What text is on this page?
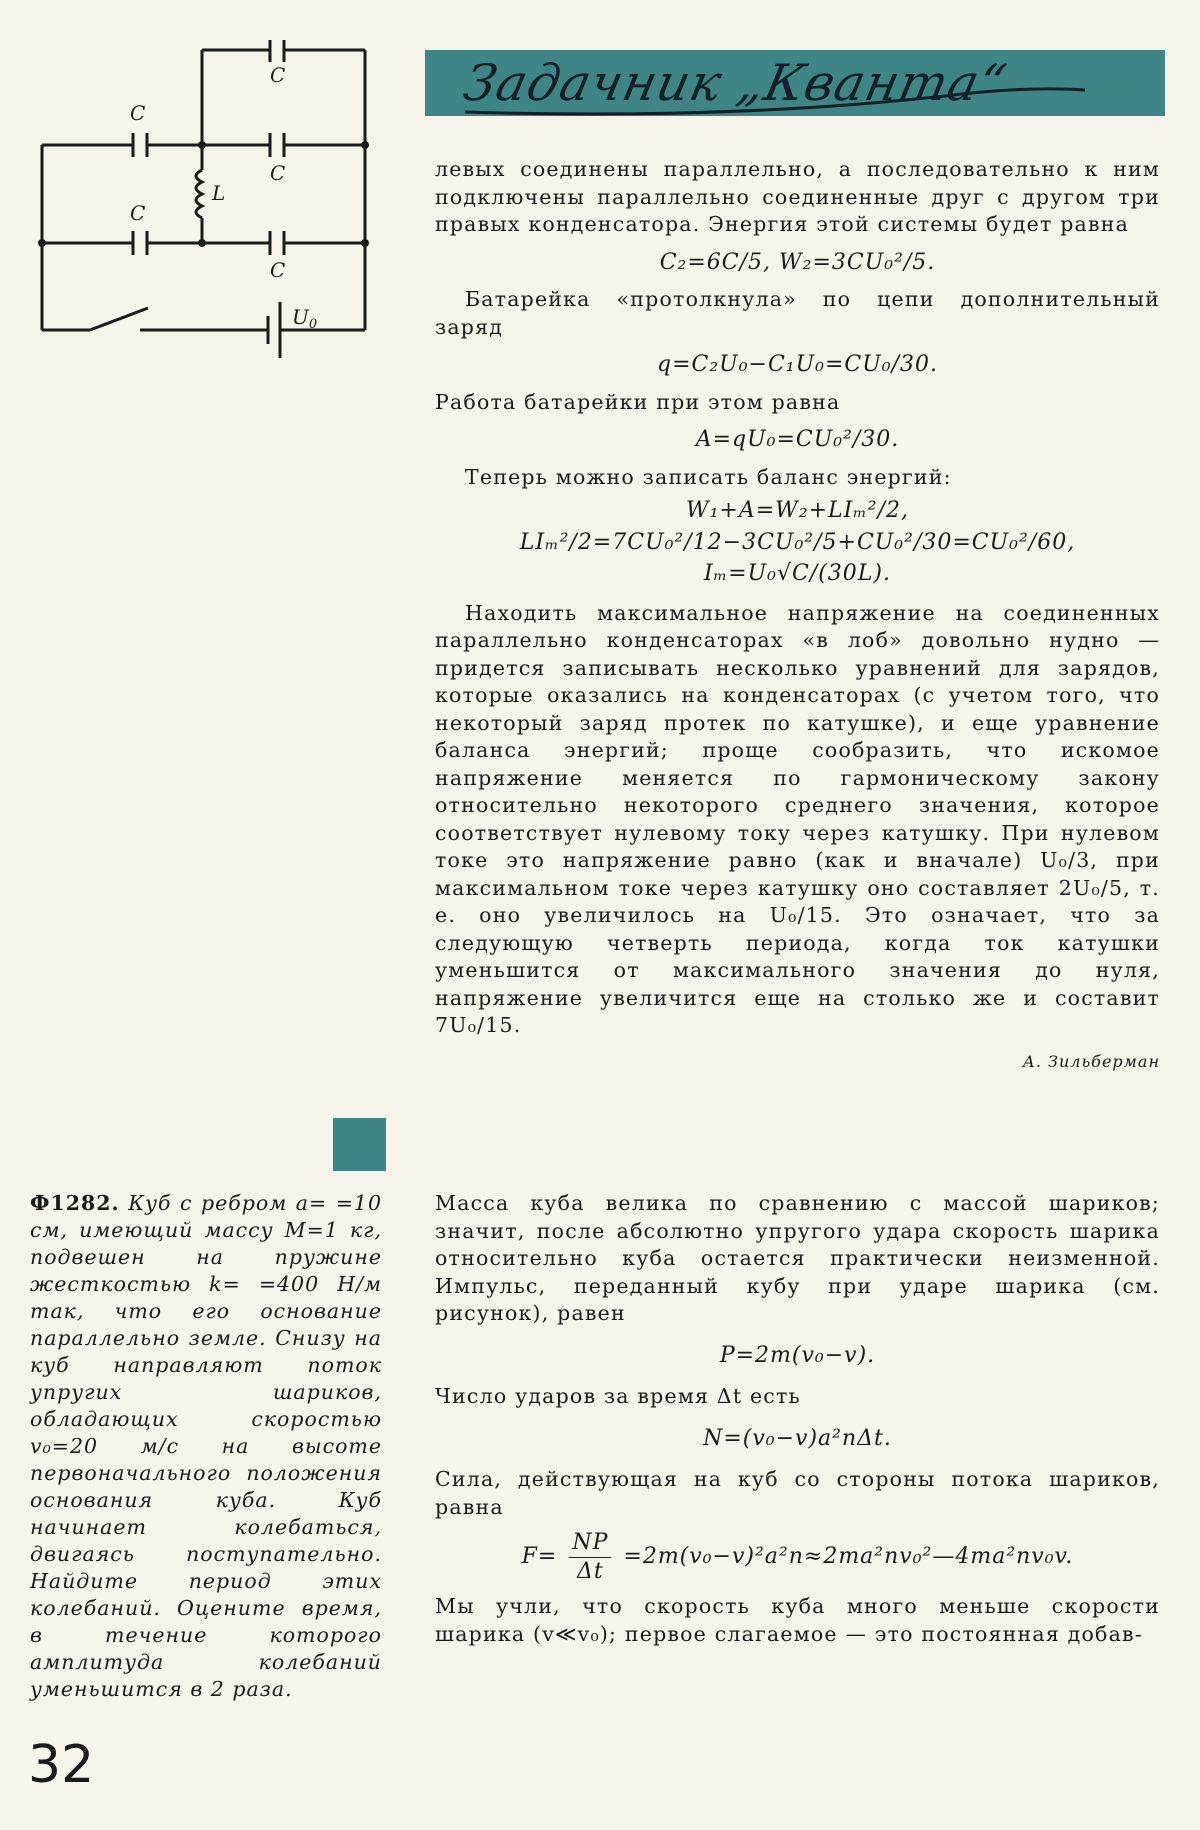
C
C
C
L
C
C
$U_0$
Задачник „Кванта“

левых соединены параллельно, а последовательно к ним подключены параллельно соединенные друг с другом три правых конденсатора. Энергия этой системы будет равна

C₂=6C/5, W₂=3CU₀²/5.

Батарейка «протолкнула» по цепи дополнительный заряд

q=C₂U₀−C₁U₀=CU₀/30.

Работа батарейки при этом равна

A=qU₀=CU₀²/30.

Теперь можно записать баланс энергий:

W₁+A=W₂+LIₘ²/2,
LIₘ²/2=7CU₀²/12−3CU₀²/5+CU₀²/30=CU₀²/60,
Iₘ=U₀√C/(30L).

Находить максимальное напряжение на соединенных параллельно конденсаторах «в лоб» довольно нудно — придется записывать несколько уравнений для зарядов, которые оказались на конденсаторах (с учетом того, что некоторый заряд протек по катушке), и еще уравнение баланса энергий; проще сообразить, что искомое напряжение меняется по гармоническому закону относительно некоторого среднего значения, которое соответствует нулевому току через катушку. При нулевом токе это напряжение равно (как и вначале) U₀/3, при максимальном токе через катушку оно составляет 2U₀/5, т. е. оно увеличилось на U₀/15. Это означает, что за следующую четверть периода, когда ток катушки уменьшится от максимального значения до нуля, напряжение увеличится еще на столько же и составит 7U₀/15.

А. Зильберман
Ф1282. Куб с ребром a= =10 см, имеющий массу M=1 кг, подвешен на пружине жесткостью k= =400 Н/м так, что его основание параллельно земле. Снизу на куб направляют поток упругих шариков, обладающих скоростью v₀=20 м/с на высоте первоначального положения основания куба. Куб начинает колебаться, двигаясь поступательно. Найдите период этих колебаний. Оцените время, в течение которого амплитуда колебаний уменьшится в 2 раза.

Масса куба велика по сравнению с массой шариков; значит, после абсолютно упругого удара скорость шарика относительно куба остается практически неизменной. Импульс, переданный кубу при ударе шарика (см. рисунок), равен

P=2m(v₀−v).

Число ударов за время Δt есть

N=(v₀−v)a²nΔt.

Сила, действующая на куб со стороны потока шариков, равна

$F= \frac{NP}{\Delta t}$ =2m(v₀−v)²a²n≈2ma²nv₀²—4ma²nv₀v.

Мы учли, что скорость куба много меньше скорости шарика (v≪v₀); первое слагаемое — это постоянная добав-

32
